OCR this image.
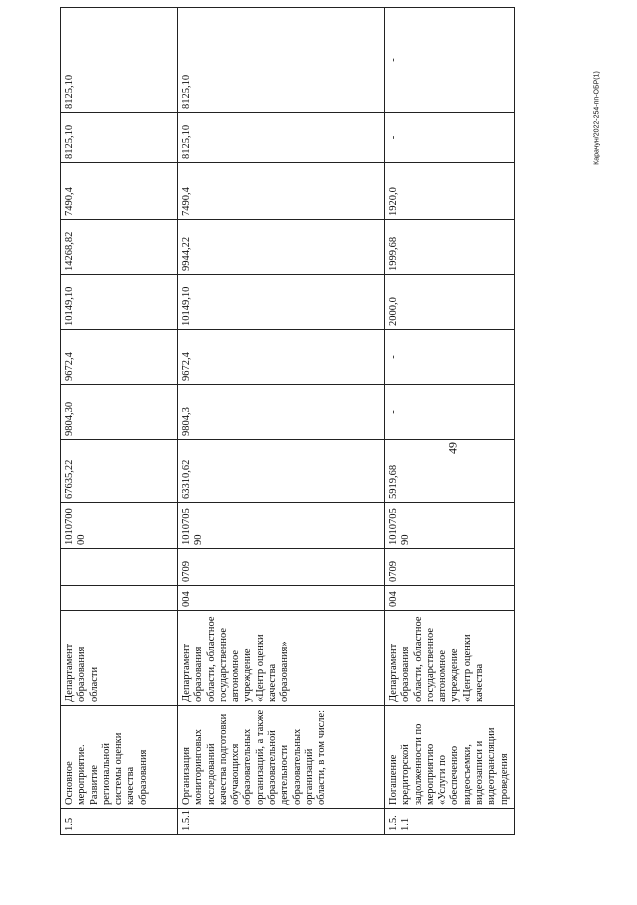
49
Карачун/2022-254-пп-ОБР(1)
1.5	Основное мероприятие. Развитие региональной системы оценки качества образования	Департамент образования области			101070000	67635,22	9804,30	9672,4	10149,10	14268,82	7490,4	8125,10	8125,10
1.5.1	Организация мониторинговых исследований качества подготовки обучающихся образовательных организаций, а также образовательной деятельности образовательных организаций области, в том числе:	Департамент образования области, областное государственное автономное учреждение «Центр оценки качества образования»	004	0709	101070590	63310,62	9804,3	9672,4	10149,10	9944,22	7490,4	8125,10	8125,10
1.5.1.1	Погашение кредиторской задолженности по мероприятию «Услуги по обеспечению видеосъемки, видеозаписи и видеотрансляции проведения	Департамент образования области, областное государственное автономное учреждение «Центр оценки качества	004	0709	101070590	5919,68	-	-	2000,0	1999,68	1920,0	-	-
